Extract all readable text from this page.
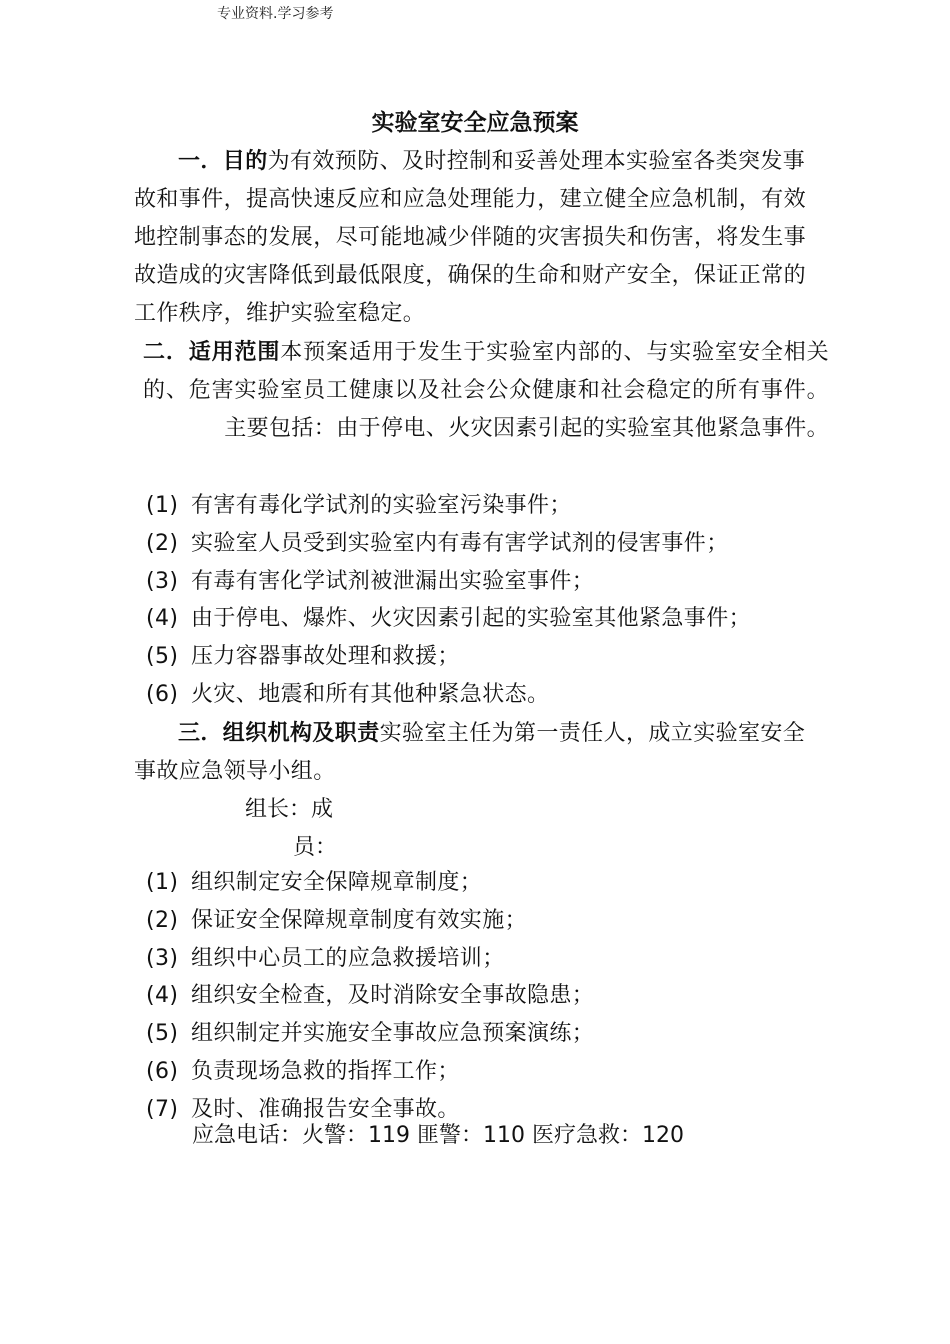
专业资料.学习参考
实验室安全应急预案
一．目的为有效预防、及时控制和妥善处理本实验室各类突发事故和事件，提高快速反应和应急处理能力，建立健全应急机制，有效地控制事态的发展，尽可能地减少伴随的灾害损失和伤害，将发生事故造成的灾害降低到最低限度，确保的生命和财产安全，保证正常的工作秩序，维护实验室稳定。
二．适用范围本预案适用于发生于实验室内部的、与实验室安全相关的、危害实验室员工健康以及社会公众健康和社会稳定的所有事件。主要包括：由于停电、火灾因素引起的实验室其他紧急事件。
(1) 有害有毒化学试剂的实验室污染事件；
(2) 实验室人员受到实验室内有毒有害学试剂的侵害事件；
(3) 有毒有害化学试剂被泄漏出实验室事件；
(4) 由于停电、爆炸、火灾因素引起的实验室其他紧急事件；
(5) 压力容器事故处理和救援；
(6) 火灾、地震和所有其他种紧急状态。
三．组织机构及职责实验室主任为第一责任人，成立实验室安全事故应急领导小组。
组长：成
员：
(1) 组织制定安全保障规章制度；
(2) 保证安全保障规章制度有效实施；
(3) 组织中心员工的应急救援培训；
(4) 组织安全检查，及时消除安全事故隐患；
(5) 组织制定并实施安全事故应急预案演练；
(6) 负责现场急救的指挥工作；
(7) 及时、准确报告安全事故。
应急电话：火警：119 匪警：110 医疗急救：120
